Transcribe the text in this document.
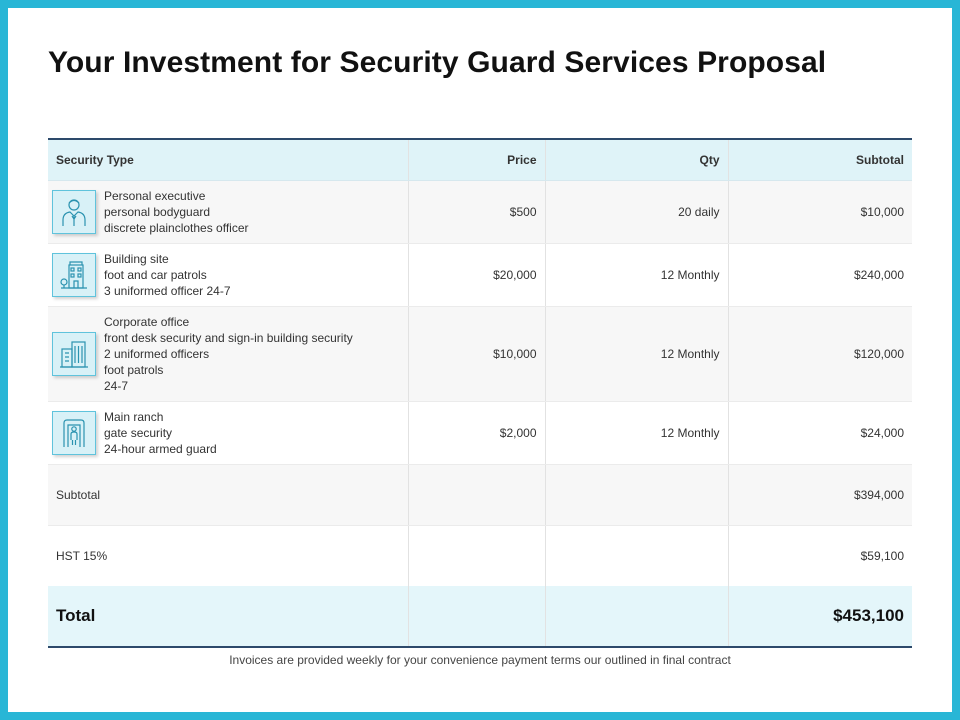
Your Investment for Security Guard Services Proposal
Security Type	Price	Qty	Subtotal

Personal executive
personal bodyguard
discrete plainclothes officer	$500	20 daily	$10,000

Building site
foot and car patrols
3 uniformed officer 24-7	$20,000	12 Monthly	$240,000

Corporate office
front desk security and sign-in building security
2 uniformed officers
foot patrols
24-7	$10,000	12 Monthly	$120,000

Main ranch
gate security
24-hour armed guard	$2,000	12 Monthly	$24,000
Subtotal			$394,000
HST 15%			$59,100
Total			$453,100
Invoices are provided weekly for your convenience payment terms our outlined in final contract
